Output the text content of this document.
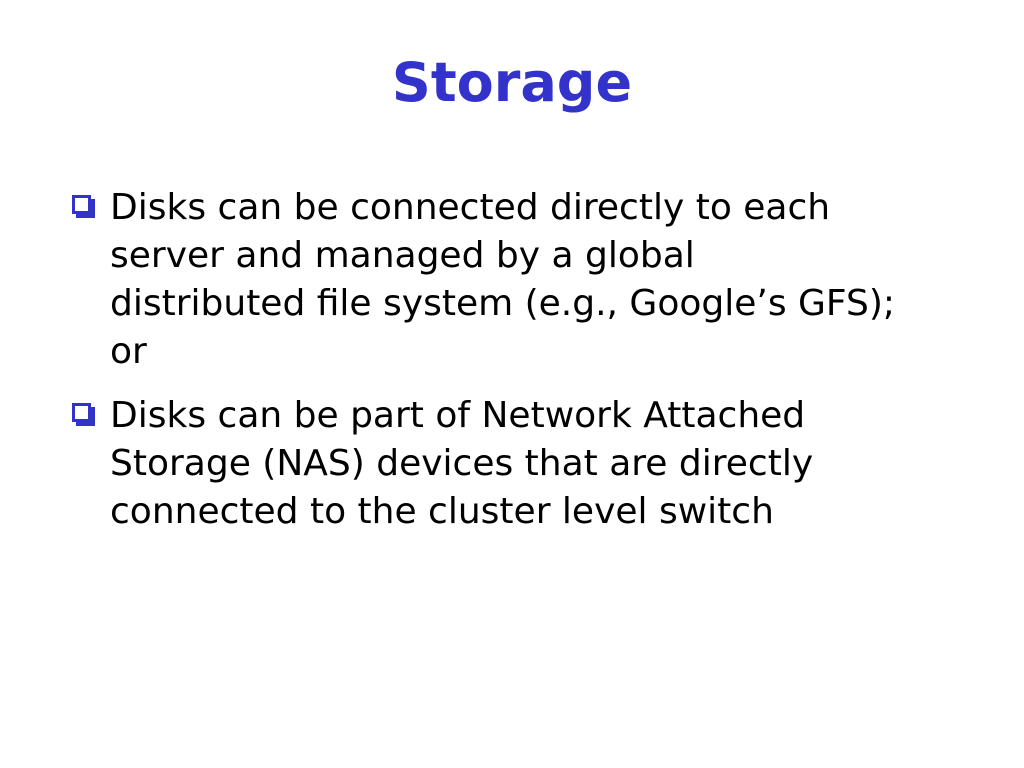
Storage
Disks can be connected directly to each
server and managed by a global
distributed file system (e.g., Google’s GFS);
or
Disks can be part of Network Attached
Storage (NAS) devices that are directly
connected to the cluster level switch
